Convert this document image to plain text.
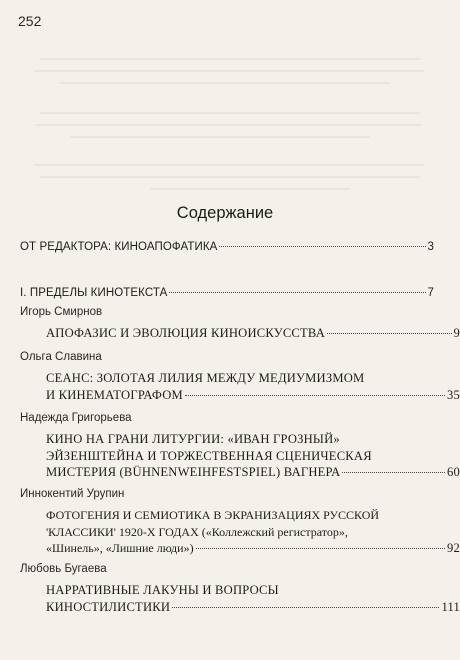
252
Содержание
ОТ РЕДАКТОРА: КИНОАПОФАТИКА	3
I. ПРЕДЕЛЫ КИНОТЕКСТА	7
Игорь Смирнов
АПОФАЗИС И ЭВОЛЮЦИЯ КИНОИСКУССТВА	9
Ольга Славина
СЕАНС: ЗОЛОТАЯ ЛИЛИЯ МЕЖДУ МЕДИУМИЗМОМ
И КИНЕМАТОГРАФОМ	35
Надежда Григорьева
КИНО НА ГРАНИ ЛИТУРГИИ: «ИВАН ГРОЗНЫЙ»
ЭЙЗЕНШТЕЙНА И ТОРЖЕСТВЕННАЯ СЦЕНИЧЕСКАЯ
МИСТЕРИЯ (BÜHNENWEIHFESTSPIEL) ВАГНЕРА	60
Иннокентий Урупин
ФОТОГЕНИЯ И СЕМИОТИКА В ЭКРАНИЗАЦИЯХ РУССКОЙ
'КЛАССИКИ' 1920-Х ГОДАХ («Коллежский регистратор»,
«Шинель», «Лишние люди»)	92
Любовь Бугаева
НАРРАТИВНЫЕ ЛАКУНЫ И ВОПРОСЫ
КИНОСТИЛИСТИКИ	111
